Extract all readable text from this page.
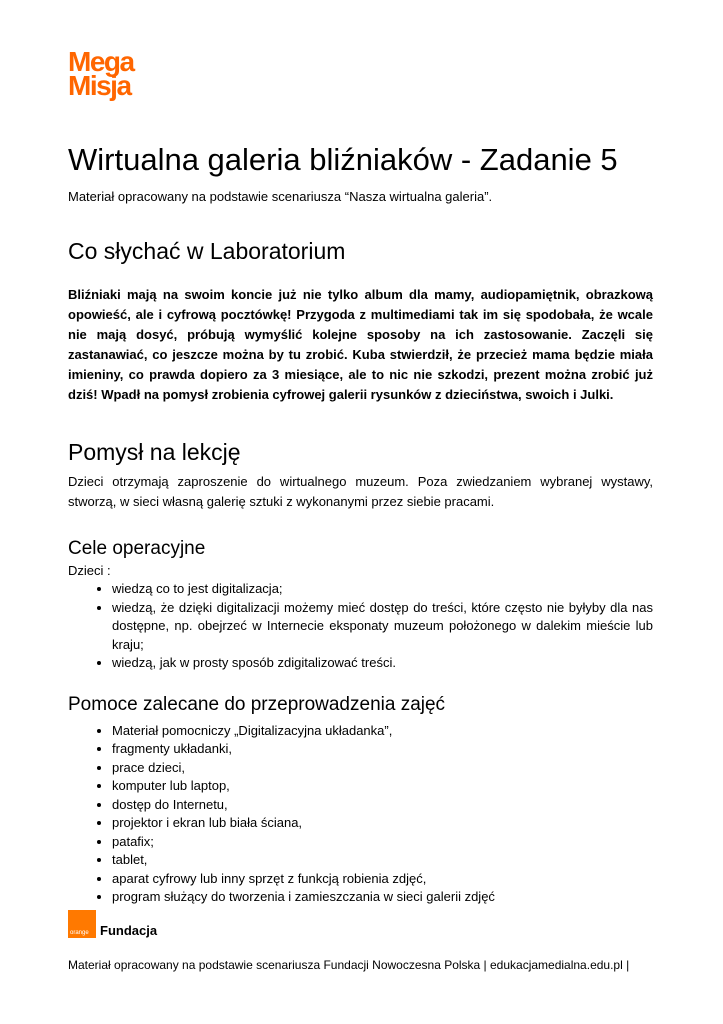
Mega
Misja
Wirtualna galeria bliźniaków - Zadanie 5
Materiał opracowany na podstawie scenariusza “Nasza wirtualna galeria”.
Co słychać w Laboratorium

Bliźniaki mają na swoim koncie już nie tylko album dla mamy, audiopamiętnik, obrazkową opowieść, ale i cyfrową pocztówkę! Przygoda z multimediami tak im się spodobała, że wcale nie mają dosyć, próbują wymyślić kolejne sposoby na ich zastosowanie. Zaczęli się zastanawiać, co jeszcze można by tu zrobić. Kuba stwierdził, że przecież mama będzie miała imieniny, co prawda dopiero za 3 miesiące, ale to nic nie szkodzi, prezent można zrobić już dziś! Wpadł na pomysł zrobienia cyfrowej galerii rysunków z dzieciństwa, swoich i Julki.

Pomysł na lekcję

Dzieci otrzymają zaproszenie do wirtualnego muzeum. Poza zwiedzaniem wybranej wystawy, stworzą, w sieci własną galerię sztuki z wykonanymi przez siebie pracami.

Cele operacyjne
Dzieci :
• wiedzą co to jest digitalizacja;
• wiedzą, że dzięki digitalizacji możemy mieć dostęp do treści, które często nie byłyby dla nas dostępne, np. obejrzeć w Internecie eksponaty muzeum położonego w dalekim mieście lub kraju;
• wiedzą, jak w prosty sposób zdigitalizować treści.
Pomoce zalecane do przeprowadzenia zajęć
• Materiał pomocniczy „Digitalizacyjna układanka”,
• fragmenty układanki,
• prace dzieci,
• komputer lub laptop,
• dostęp do Internetu,
• projektor i ekran lub biała ściana,
• patafix;
• tablet,
• aparat cyfrowy lub inny sprzęt z funkcją robienia zdjęć,
• program służący do tworzenia i zamieszczania w sieci galerii zdjęć
orange Fundacja
Materiał opracowany na podstawie scenariusza Fundacji Nowoczesna Polska | edukacjamedialna.edu.pl |
